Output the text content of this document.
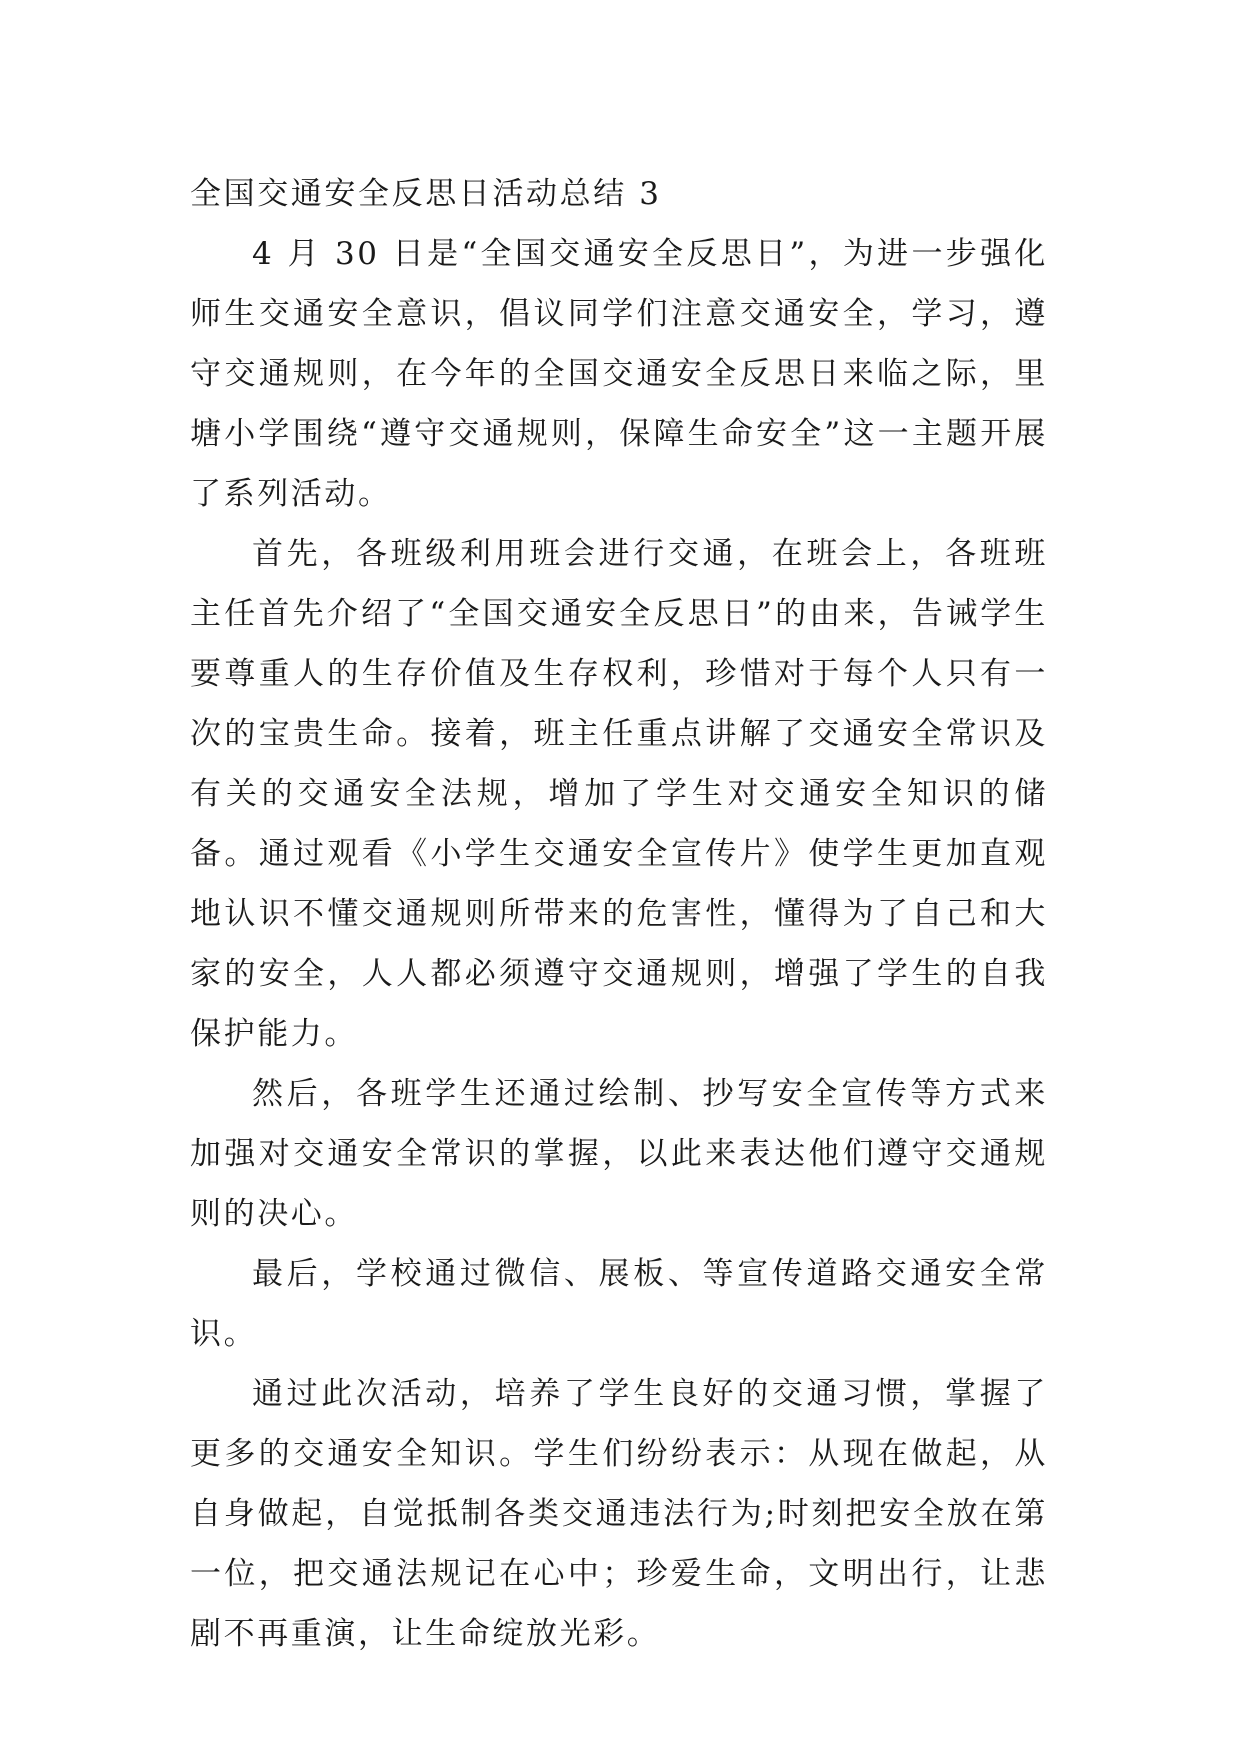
全国交通安全反思日活动总结 3

4 月 30 日是“全国交通安全反思日”，为进一步强化师生交通安全意识，倡议同学们注意交通安全，学习，遵守交通规则，在今年的全国交通安全反思日来临之际，里塘小学围绕“遵守交通规则，保障生命安全”这一主题开展了系列活动。

首先，各班级利用班会进行交通，在班会上，各班班主任首先介绍了“全国交通安全反思日”的由来，告诫学生要尊重人的生存价值及生存权利，珍惜对于每个人只有一次的宝贵生命。接着，班主任重点讲解了交通安全常识及有关的交通安全法规，增加了学生对交通安全知识的储备。通过观看《小学生交通安全宣传片》使学生更加直观地认识不懂交通规则所带来的危害性，懂得为了自己和大家的安全，人人都必须遵守交通规则，增强了学生的自我保护能力。

然后，各班学生还通过绘制、抄写安全宣传等方式来加强对交通安全常识的掌握，以此来表达他们遵守交通规则的决心。

最后，学校通过微信、展板、等宣传道路交通安全常识。

通过此次活动，培养了学生良好的交通习惯，掌握了更多的交通安全知识。学生们纷纷表示：从现在做起，从自身做起，自觉抵制各类交通违法行为;时刻把安全放在第一位，把交通法规记在心中；珍爱生命，文明出行，让悲剧不再重演，让生命绽放光彩。
